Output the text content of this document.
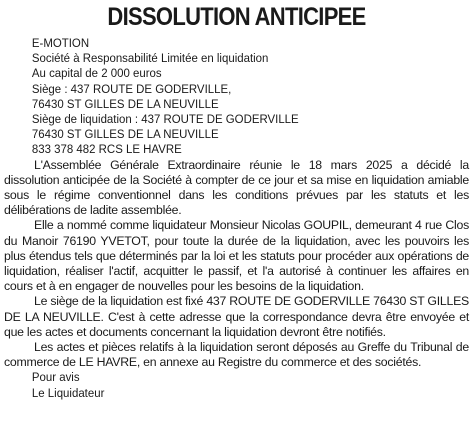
DISSOLUTION ANTICIPEE

E-MOTION

Société à Responsabilité Limitée en liquidation

Au capital de 2 000 euros

Siège : 437 ROUTE DE GODERVILLE,

76430 ST GILLES DE LA NEUVILLE

Siège de liquidation : 437 ROUTE DE GODERVILLE

76430 ST GILLES DE LA NEUVILLE

833 378 482 RCS LE HAVRE

L'Assemblée Générale Extraordinaire réunie le 18 mars 2025 a décidé la dissolution anticipée de la Société à compter de ce jour et sa mise en liquidation amiable sous le régime conventionnel dans les conditions prévues par les statuts et les délibérations de ladite assemblée.

Elle a nommé comme liquidateur Monsieur Nicolas GOUPIL, demeurant 4 rue Clos du Manoir 76190 YVETOT, pour toute la durée de la liquidation, avec les pouvoirs les plus étendus tels que déterminés par la loi et les statuts pour procéder aux opérations de liquidation, réaliser l'actif, acquitter le passif, et l'a autorisé à continuer les affaires en cours et à en engager de nouvelles pour les besoins de la liquidation.

Le siège de la liquidation est fixé 437 ROUTE DE GODERVILLE 76430 ST GILLES DE LA NEUVILLE. C'est à cette adresse que la correspondance devra être envoyée et que les actes et documents concernant la liquidation devront être notifiés.

Les actes et pièces relatifs à la liquidation seront déposés au Greffe du Tribunal de commerce de LE HAVRE, en annexe au Registre du commerce et des sociétés.

Pour avis

Le Liquidateur
